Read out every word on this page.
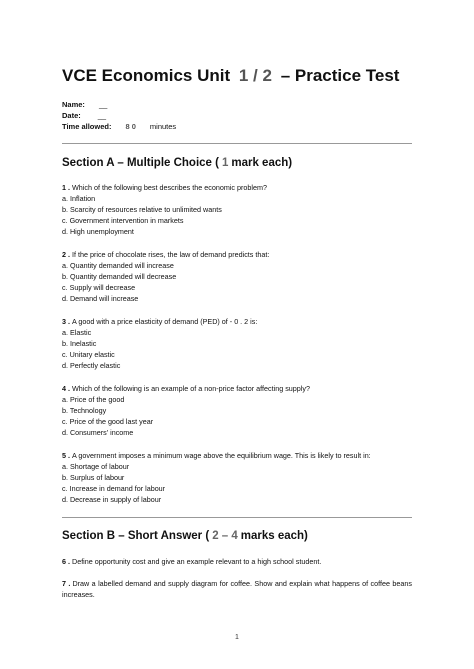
VCE Economics Unit 1 / 2 – Practice Test
Name: __
Date: __
Time allowed: 8 0 minutes
Section A – Multiple Choice ( 1 mark each)
1 . Which of the following best describes the economic problem?
a. Inflation
b. Scarcity of resources relative to unlimited wants
c. Government intervention in markets
d. High unemployment
2 . If the price of chocolate rises, the law of demand predicts that:
a. Quantity demanded will increase
b. Quantity demanded will decrease
c. Supply will decrease
d. Demand will increase
3 . A good with a price elasticity of demand (PED) of - 0 . 2 is:
a. Elastic
b. Inelastic
c. Unitary elastic
d. Perfectly elastic
4 . Which of the following is an example of a non-price factor affecting supply?
a. Price of the good
b. Technology
c. Price of the good last year
d. Consumers' income
5 . A government imposes a minimum wage above the equilibrium wage. This is likely to result in:
a. Shortage of labour
b. Surplus of labour
c. Increase in demand for labour
d. Decrease in supply of labour
Section B – Short Answer ( 2 – 4 marks each)
6 . Define opportunity cost and give an example relevant to a high school student.
7 . Draw a labelled demand and supply diagram for coffee. Show and explain what happens of coffee beans increases.
1
